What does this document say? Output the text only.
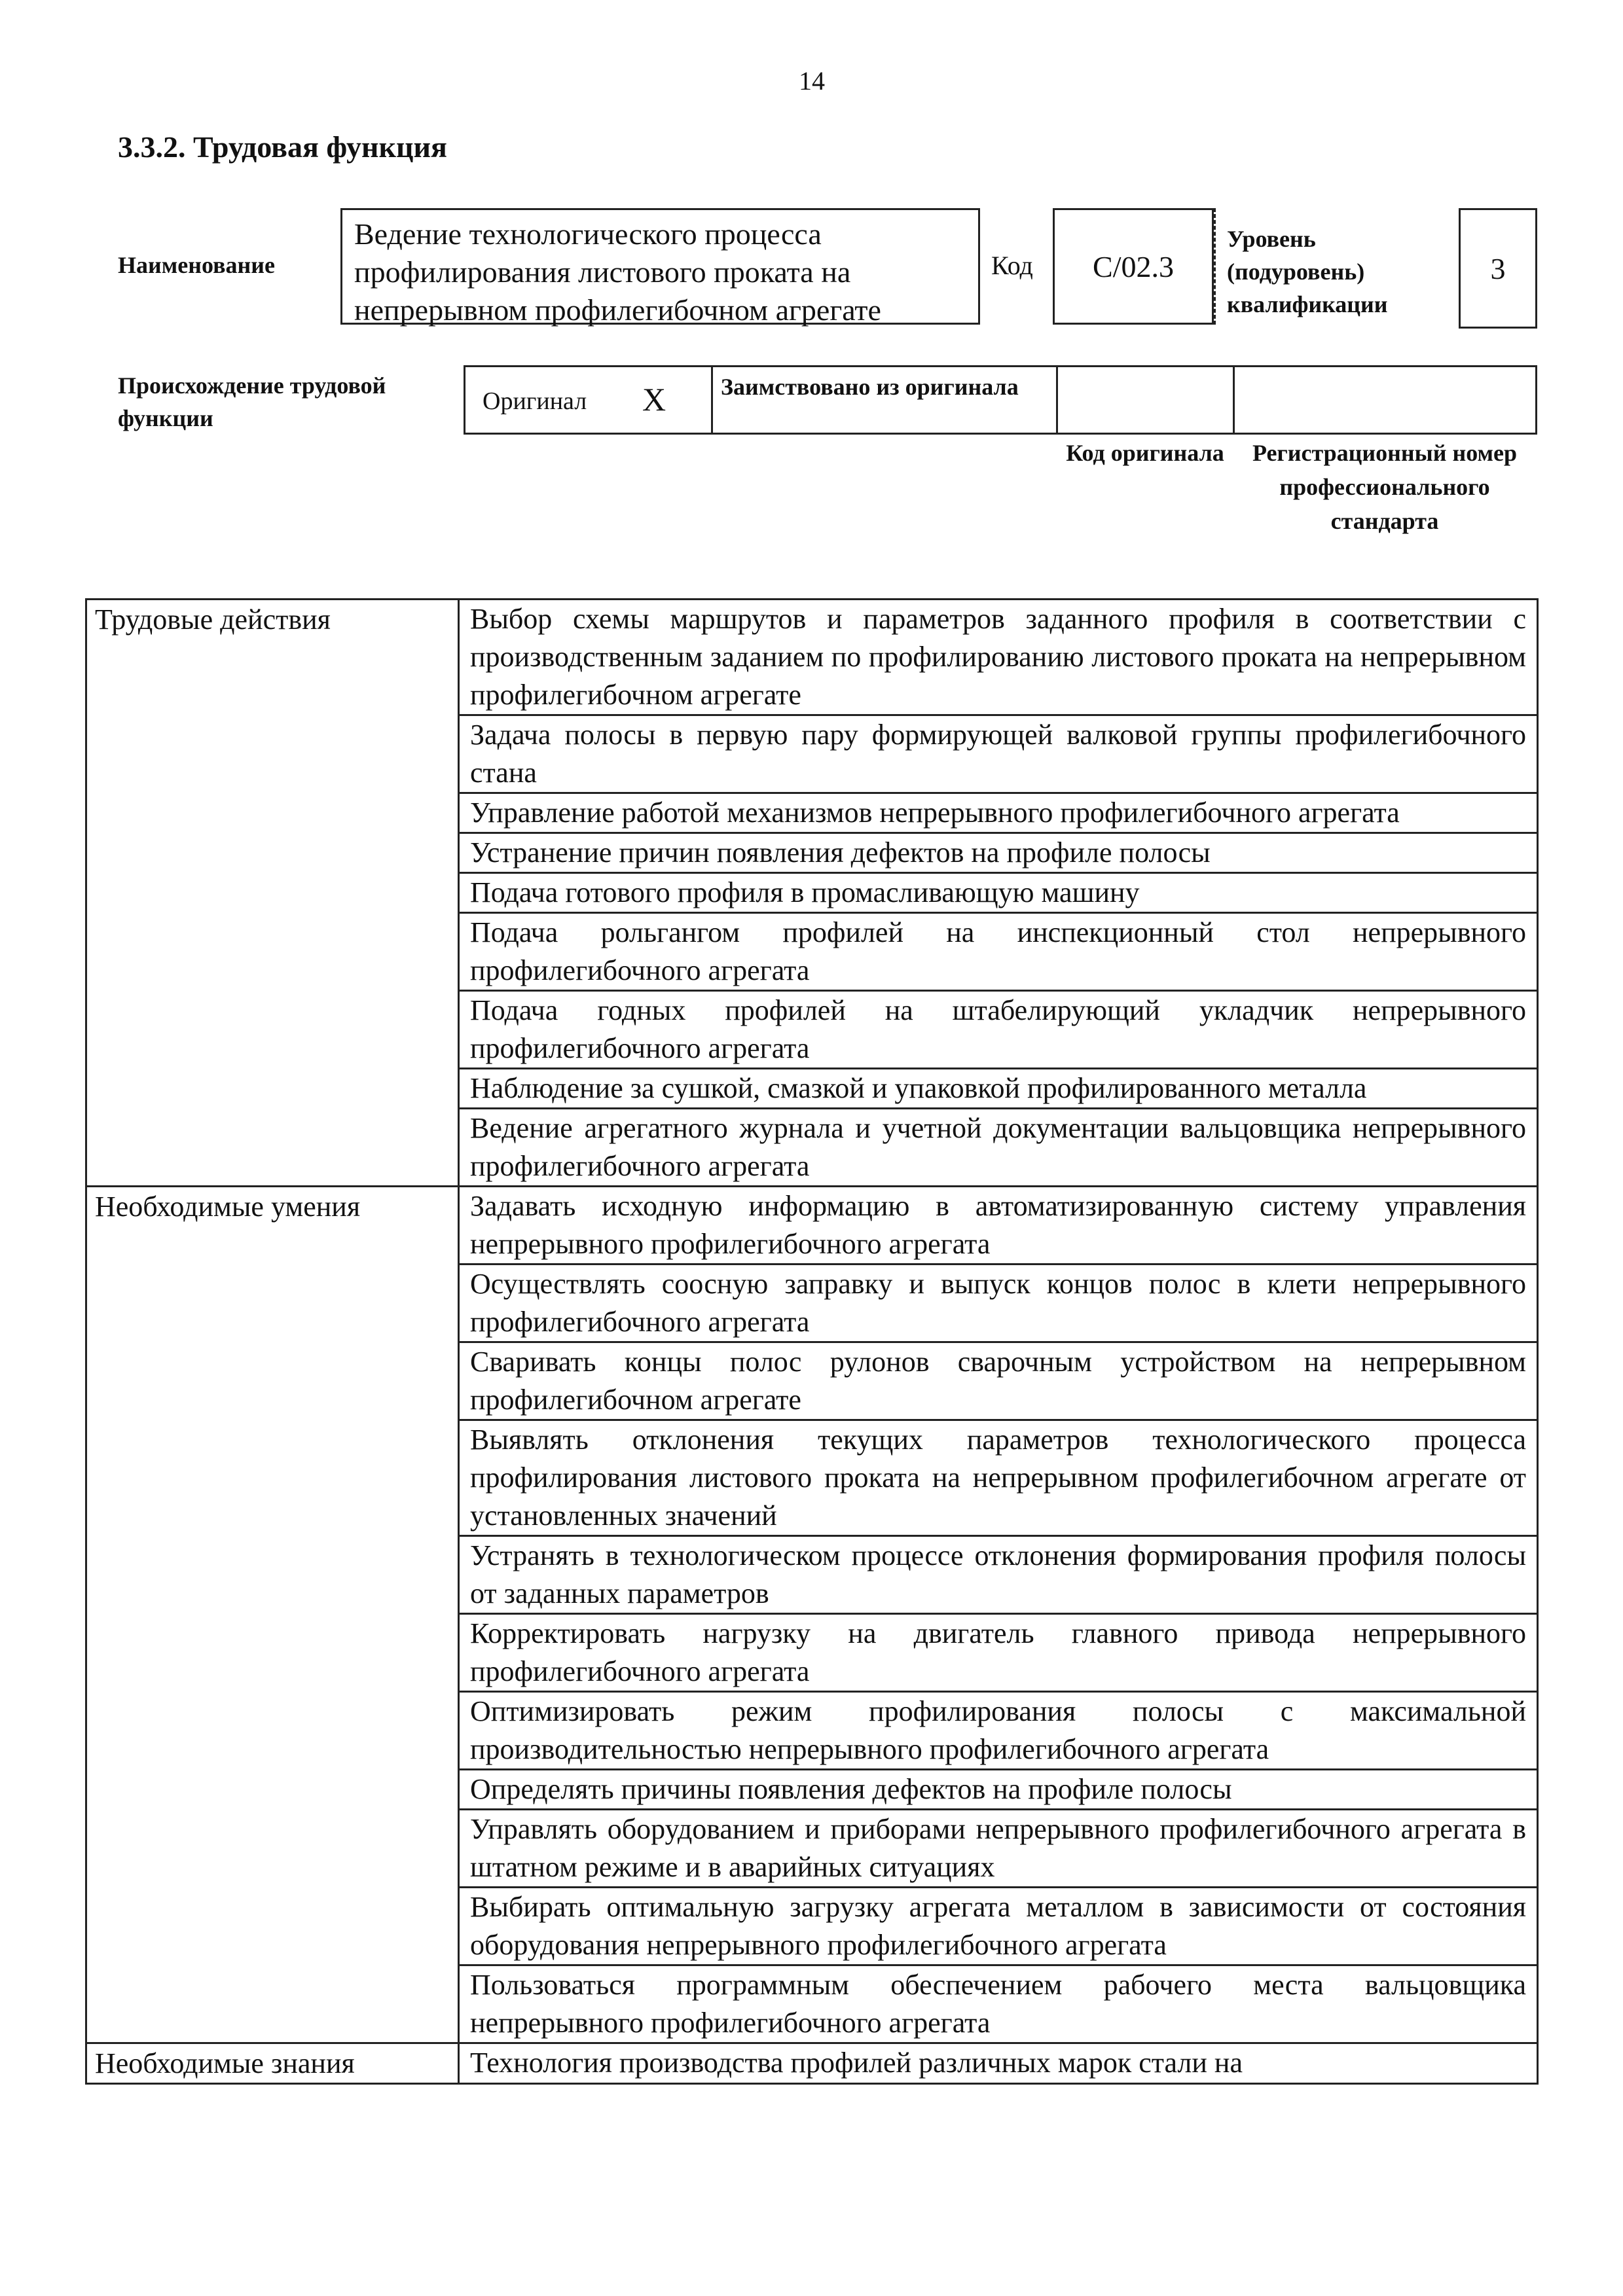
14
3.3.2. Трудовая функция
Наименование
Ведение технологического процесса профилирования листового проката на непрерывном профилегибочном агрегате
Код С/02.3
Уровень (подуровень) квалификации
3
Происхождение трудовой функции
Оригинал X Заимствовано из оригинала
Код оригинала	Регистрационный номер профессионального стандарта
Трудовые действия	Выбор схемы маршрутов и параметров заданного профиля в соответствии с производственным заданием по профилированию листового проката на непрерывном профилегибочном агрегате
	Задача полосы в первую пару формирующей валковой группы профилегибочного стана
	Управление работой механизмов непрерывного профилегибочного агрегата
	Устранение причин появления дефектов на профиле полосы
	Подача готового профиля в промасливающую машину
	Подача рольгангом профилей на инспекционный стол непрерывного профилегибочного агрегата
	Подача годных профилей на штабелирующий укладчик непрерывного профилегибочного агрегата
	Наблюдение за сушкой, смазкой и упаковкой профилированного металла
	Ведение агрегатного журнала и учетной документации вальцовщика непрерывного профилегибочного агрегата
Необходимые умения	Задавать исходную информацию в автоматизированную систему управления непрерывного профилегибочного агрегата
	Осуществлять соосную заправку и выпуск концов полос в клети непрерывного профилегибочного агрегата
	Сваривать концы полос рулонов сварочным устройством на непрерывном профилегибочном агрегате
	Выявлять отклонения текущих параметров технологического процесса профилирования листового проката на непрерывном профилегибочном агрегате от установленных значений
	Устранять в технологическом процессе отклонения формирования профиля полосы от заданных параметров
	Корректировать нагрузку на двигатель главного привода непрерывного профилегибочного агрегата
	Оптимизировать режим профилирования полосы с максимальной производительностью непрерывного профилегибочного агрегата
	Определять причины появления дефектов на профиле полосы
	Управлять оборудованием и приборами непрерывного профилегибочного агрегата в штатном режиме и в аварийных ситуациях
	Выбирать оптимальную загрузку агрегата металлом в зависимости от состояния оборудования непрерывного профилегибочного агрегата
	Пользоваться программным обеспечением рабочего места вальцовщика непрерывного профилегибочного агрегата
Необходимые знания	Технология производства профилей различных марок стали на
